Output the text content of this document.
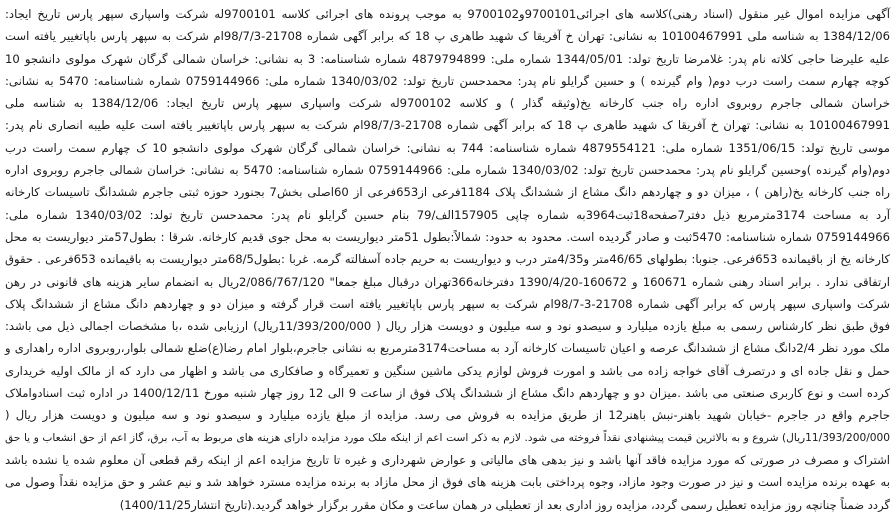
آگهی مزایده اموال غیر منقول (اسناد رهنی)کلاسه های اجرائی9700101و9700102 به موجب پرونده های اجرائی کلاسه 9700101له شرکت واسپاری سپهر پارس تاریخ ایجاد:
1384/12/06 به شناسه ملی 10100467991 به نشانی: تهران خ آفریقا ک شهید طاهری پ 18 که برابر آگهی شماره 21708-98/7/3ام شرکت به سپهر پارس باپاتغییر یافته است
علیه علیرضا حاجی کلاته نام پدر: غلامرضا تاریخ تولد: 1344/05/01 شماره ملی: 4879794899 شماره شناسنامه: 3 به نشانی: خراسان شمالی گرگان شهرک مولوی دانشجو 10
کوچه چهارم سمت راست درب دوم( وام گیرنده ) و حسین گرایلو نام پدر: محمدحسن تاریخ تولد: 1340/03/02 شماره ملی: 0759144966 شماره شناسنامه: 5470 به نشانی:
خراسان شمالی جاجرم روبروی اداره راه جنب کارخانه یخ(وثیقه گذار ) و کلاسه 9700102له شرکت واسپاری سپهر پارس تاریخ ایجاد: 1384/12/06 به شناسه ملی
10100467991 به نشانی: تهران خ آفریقا ک شهید طاهری پ 18 که برابر آگهی شماره 21708-98/7/3ام شرکت به سپهر پارس باپاتغییر یافته است علیه طیبه انصاری نام پدر:
موسی تاریخ تولد: 1351/06/15 شماره ملی: 4879554121 شماره شناسنامه: 744 به نشانی: خراسان شمالی گرگان شهرک مولوی دانشجو 10 ک چهارم سمت راست درب
دوم(وام گیرنده )وحسین گرایلو نام پدر: محمدحسن تاریخ تولد: 1340/03/02 شماره ملی: 0759144966 شماره شناسنامه: 5470 به نشانی: خراسان شمالی جاجرم روبروی اداره
راه جنب کارخانه یخ(راهن ) ، میزان دو و چهاردهم دانگ مشاع از ششدانگ پلاک 1184فرعی از653فرعی از 60اصلی بخش7 بجنورد حوزه ثبتی جاجرم ششدانگ تاسیسات کارخانه
آرد به مساحت 3174مترمربع ذیل دفتر7صفحه18ثبت3964به شماره چاپی 157905الف/79 بنام حسین گرایلو نام پدر: محمدحسن تاریخ تولد: 1340/03/02 شماره ملی:
0759144966 شماره شناسنامه: 5470ثبت و صادر گردیده است. محدود به حدود: شمالاً:بطول 51متر دیواریست به محل جوی قدیم کارخانه. شرقا : بطول57متر دیواریست به محل
کارخانه یخ از باقیمانده 653فرعی. جنوبا: بطولهای 46/65متر و4/35متر درب و دیواریست به حریم جاده آسفالته گرمه. غربا :بطول68/5متر دیواریست به باقیمانده 653فرعی . حقوق
ارتفاقی ندارد . برابر اسناد رهنی شماره 160671 و 160672-1390/4/20 دفترخانه366تهران درقبال مبلغ جمعا" 2/086/767/120ریال به انضمام سایر هزینه های قانونی در رهن
شرکت واسپاری سپهر پارس که برابر آگهی شماره 21708-3-98/7ام شرکت به سپهر پارس باپاتغییر یافته است قرار گرفته و میزان دو و چهاردهم دانگ مشاع از ششدانگ پلاک
فوق طبق نظر کارشناس رسمی به مبلغ یازده میلیارد و سیصدو نود و سه میلیون و دویست هزار ریال ( 11/393/200/000ریال) ارزیابی شده ،با مشخصات اجمالی ذیل می باشد:
ملک مورد نظر 2/4دانگ مشاع از ششدانگ عرصه و اعیان تاسیسات کارخانه آرد به مساحت3174مترمربع به نشانی جاجرم،بلوار امام رضا(ع)ضلع شمالی بلوار،روبروی اداره راهداری و
حمل و نقل جاده ای و درتصرف آقای خواجه زاده می باشد و امورت فروش لوازم یدکی ماشین سنگین و تعمیرگاه و صافکاری می باشد و اظهار می دارد که از مالک اولیه خریداری
کرده است و نوع کاربری صنعتی می باشد .میزان دو و چهاردهم دانگ مشاع از ششدانگ پلاک فوق از ساعت 9 الی 12 روز چهار شنبه مورخ 1400/12/11 در اداره ثبت اسنادواملاک
جاجرم واقع در جاجرم -خیابان شهید باهنر-نبش باهنر12 از طریق مزایده به فروش می رسد. مزایده از مبلغ یازده میلیارد و سیصدو نود و سه میلیون و دویست هزار ریال (
11/393/200/000ریال) شروع و به بالاترین قیمت پیشنهادی نقداً فروخته می شود. لازم به ذکر است اعم از اینکه ملک مورد مزایده دارای هزینه های مربوط به آب، برق، گاز اعم از حق انشعاب و یا حق
اشتراک و مصرف در صورتی که مورد مزایده فاقد آنها باشد و نیز بدهی های مالیاتی و عوارض شهرداری و غیره تا تاریخ مزایده اعم از اینکه رقم قطعی آن معلوم شده یا نشده باشد
به عهده برنده مزایده است و نیز در صورت وجود مازاد، وجوه پرداختی بابت هزینه های فوق از محل مازاد به برنده مزایده مسترد خواهد شد و نیم عشر و حق مزایده نقداً وصول می
گردد ضمناً چنانچه روز مزایده تعطیل رسمی گردد، مزایده روز اداری بعد از تعطیلی در همان ساعت و مکان مقرر برگزار خواهد گردید.(تاریخ انتشار1400/11/25)
